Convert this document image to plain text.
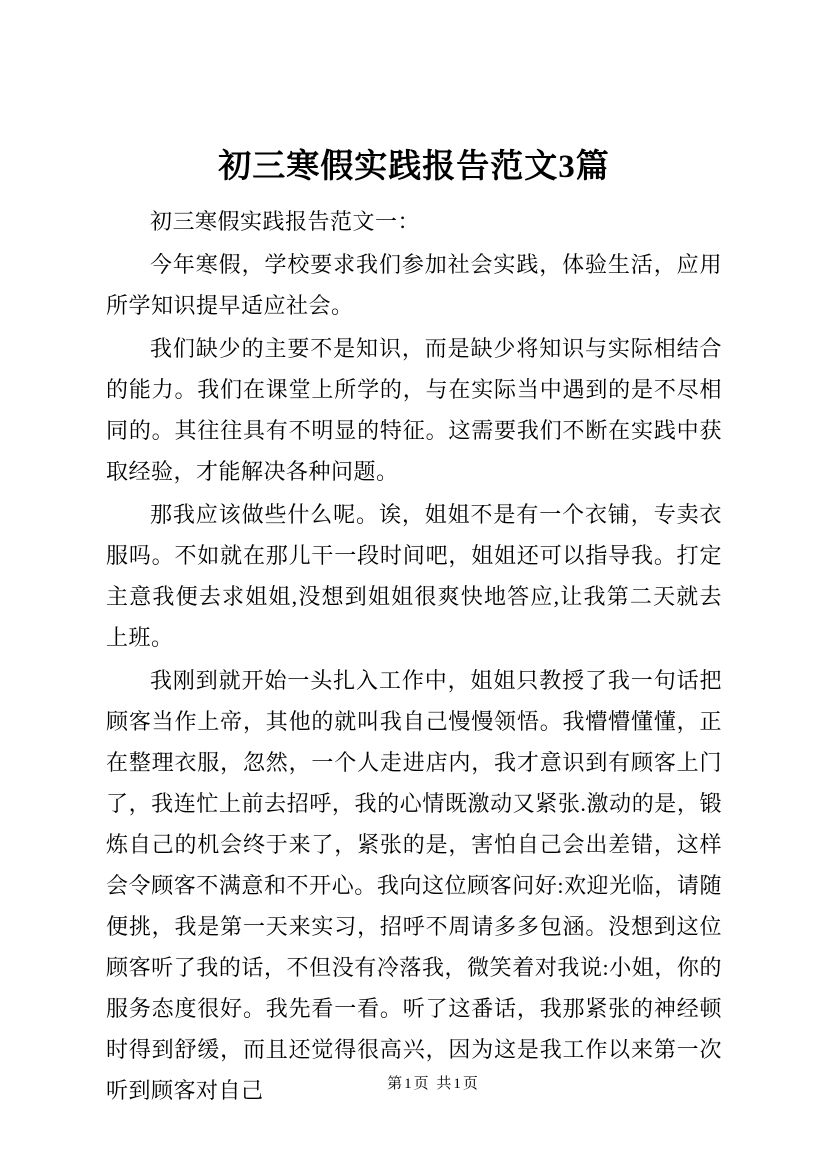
初三寒假实践报告范文3篇

初三寒假实践报告范文一：

今年寒假，学校要求我们参加社会实践，体验生活，应用所学知识提早适应社会。

我们缺少的主要不是知识，而是缺少将知识与实际相结合的能力。我们在课堂上所学的，与在实际当中遇到的是不尽相同的。其往往具有不明显的特征。这需要我们不断在实践中获取经验，才能解决各种问题。

那我应该做些什么呢。诶，姐姐不是有一个衣铺，专卖衣服吗。不如就在那儿干一段时间吧，姐姐还可以指导我。打定主意我便去求姐姐,没想到姐姐很爽快地答应,让我第二天就去上班。

我刚到就开始一头扎入工作中，姐姐只教授了我一句话把顾客当作上帝，其他的就叫我自己慢慢领悟。我懵懵懂懂，正在整理衣服，忽然，一个人走进店内，我才意识到有顾客上门了，我连忙上前去招呼，我的心情既激动又紧张.激动的是，锻炼自己的机会终于来了，紧张的是，害怕自己会出差错，这样会令顾客不满意和不开心。我向这位顾客问好:欢迎光临，请随便挑，我是第一天来实习，招呼不周请多多包涵。没想到这位顾客听了我的话，不但没有冷落我，微笑着对我说:小姐，你的服务态度很好。我先看一看。听了这番话，我那紧张的神经顿时得到舒缓，而且还觉得很高兴，因为这是我工作以来第一次听到顾客对自己	第1页 共1页
